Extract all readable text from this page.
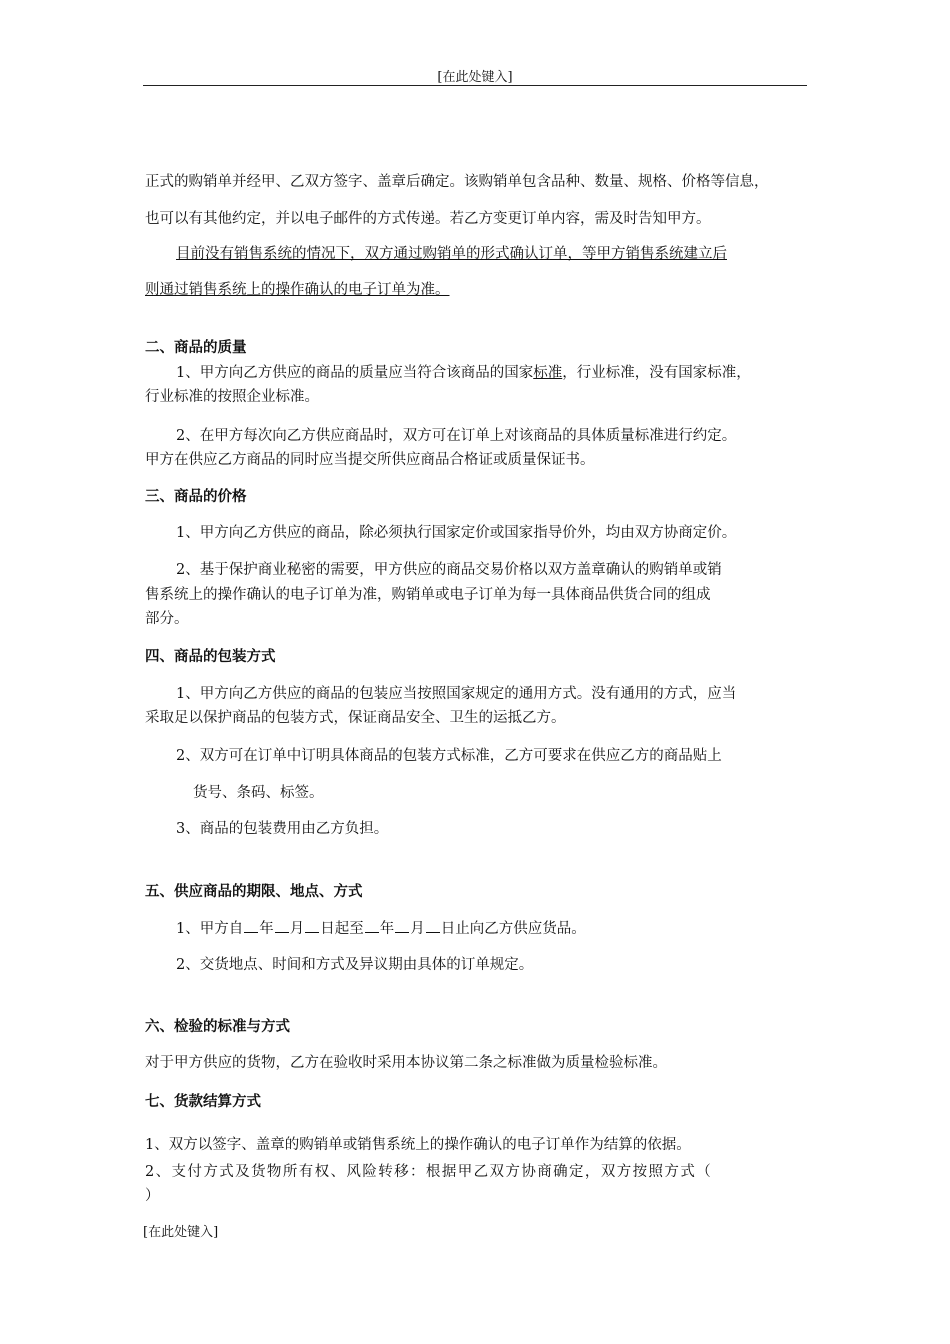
[在此处键入]
正式的购销单并经甲、乙双方签字、盖章后确定。该购销单包含品种、数量、规格、价格等信息，
也可以有其他约定，并以电子邮件的方式传递。若乙方变更订单内容，需及时告知甲方。
目前没有销售系统的情况下，双方通过购销单的形式确认订单，等甲方销售系统建立后
则通过销售系统上的操作确认的电子订单为准。
二、商品的质量
1、甲方向乙方供应的商品的质量应当符合该商品的国家标准，行业标准，没有国家标准，
行业标准的按照企业标准。
2、在甲方每次向乙方供应商品时，双方可在订单上对该商品的具体质量标准进行约定。
甲方在供应乙方商品的同时应当提交所供应商品合格证或质量保证书。
三、商品的价格
1、甲方向乙方供应的商品，除必须执行国家定价或国家指导价外，均由双方协商定价。
2、基于保护商业秘密的需要，甲方供应的商品交易价格以双方盖章确认的购销单或销
售系统上的操作确认的电子订单为准，购销单或电子订单为每一具体商品供货合同的组成
部分。
四、商品的包装方式
1、甲方向乙方供应的商品的包装应当按照国家规定的通用方式。没有通用的方式，应当
采取足以保护商品的包装方式，保证商品安全、卫生的运抵乙方。
2、双方可在订单中订明具体商品的包装方式标准，乙方可要求在供应乙方的商品贴上
货号、条码、标签。
3、商品的包装费用由乙方负担。
五、供应商品的期限、地点、方式
1、甲方自 年 月 日起至 年 月 日止向乙方供应货品。
2、交货地点、时间和方式及异议期由具体的订单规定。
六、检验的标准与方式
对于甲方供应的货物，乙方在验收时采用本协议第二条之标准做为质量检验标准。
七、货款结算方式
1、双方以签字、盖章的购销单或销售系统上的操作确认的电子订单作为结算的依据。
2、支付方式及货物所有权、风险转移：根据甲乙双方协商确定，双方按照方式（
）
[在此处键入]
